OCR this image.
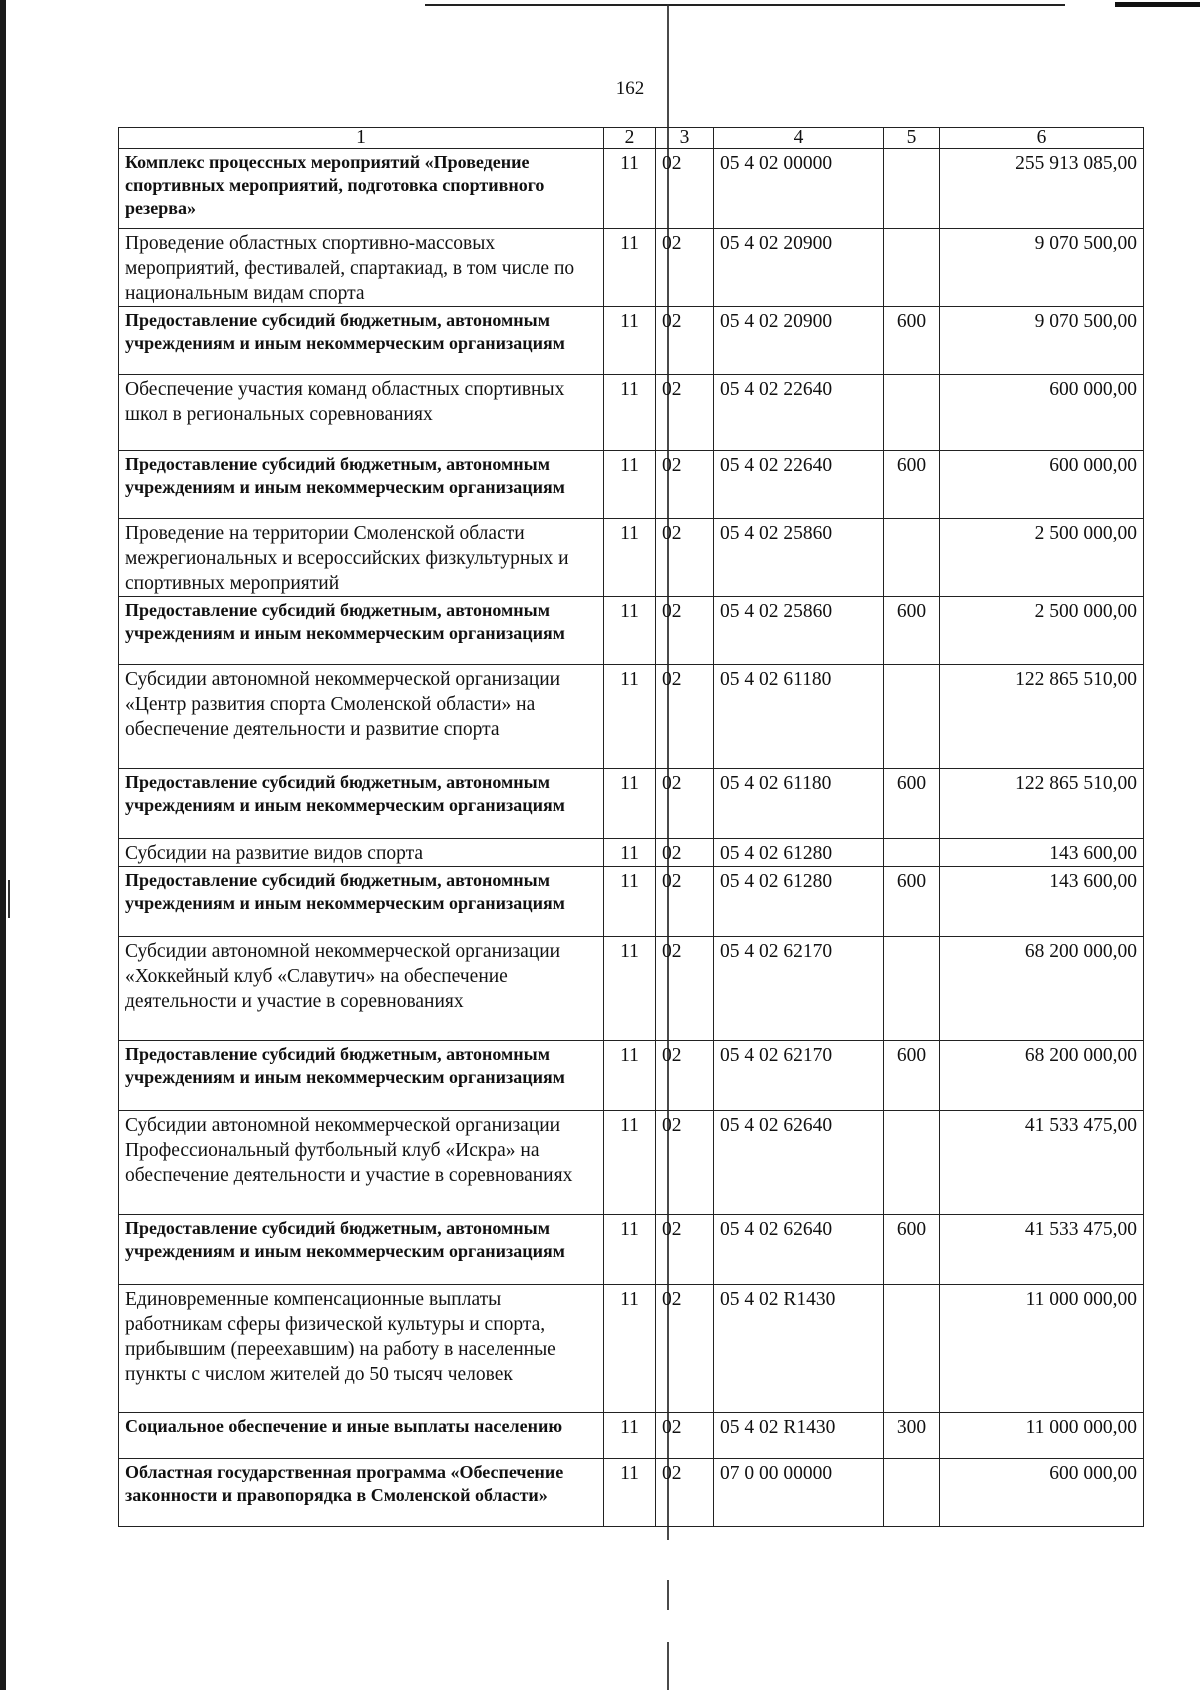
162
1	2	3	4	5	6
Комплекс процессных мероприятий «Проведение спортивных мероприятий, подготовка спортивного резерва»	11	02	05 4 02 00000		255 913 085,00
Проведение областных спортивно-массовых мероприятий, фестивалей, спартакиад, в том числе по национальным видам спорта	11	02	05 4 02 20900		9 070 500,00
Предоставление субсидий бюджетным, автономным учреждениям и иным некоммерческим организациям	11	02	05 4 02 20900	600	9 070 500,00
Обеспечение участия команд областных спортивных школ в региональных соревнованиях	11	02	05 4 02 22640		600 000,00
Предоставление субсидий бюджетным, автономным учреждениям и иным некоммерческим организациям	11	02	05 4 02 22640	600	600 000,00
Проведение на территории Смоленской области межрегиональных и всероссийских физкультурных и спортивных мероприятий	11	02	05 4 02 25860		2 500 000,00
Предоставление субсидий бюджетным, автономным учреждениям и иным некоммерческим организациям	11	02	05 4 02 25860	600	2 500 000,00
Субсидии автономной некоммерческой организации «Центр развития спорта Смоленской области» на обеспечение деятельности и развитие спорта	11	02	05 4 02 61180		122 865 510,00
Предоставление субсидий бюджетным, автономным учреждениям и иным некоммерческим организациям	11	02	05 4 02 61180	600	122 865 510,00
Субсидии на развитие видов спорта	11	02	05 4 02 61280		143 600,00
Предоставление субсидий бюджетным, автономным учреждениям и иным некоммерческим организациям	11	02	05 4 02 61280	600	143 600,00
Субсидии автономной некоммерческой организации «Хоккейный клуб «Славутич» на обеспечение деятельности и участие в соревнованиях	11	02	05 4 02 62170		68 200 000,00
Предоставление субсидий бюджетным, автономным учреждениям и иным некоммерческим организациям	11	02	05 4 02 62170	600	68 200 000,00
Субсидии автономной некоммерческой организации Профессиональный футбольный клуб «Искра» на обеспечение деятельности и участие в соревнованиях	11	02	05 4 02 62640		41 533 475,00
Предоставление субсидий бюджетным, автономным учреждениям и иным некоммерческим организациям	11	02	05 4 02 62640	600	41 533 475,00
Единовременные компенсационные выплаты работникам сферы физической культуры и спорта, прибывшим (переехавшим) на работу в населенные пункты с числом жителей до 50 тысяч человек	11	02	05 4 02 R1430		11 000 000,00
Социальное обеспечение и иные выплаты населению	11	02	05 4 02 R1430	300	11 000 000,00
Областная государственная программа «Обеспечение законности и правопорядка в Смоленской области»	11	02	07 0 00 00000		600 000,00
